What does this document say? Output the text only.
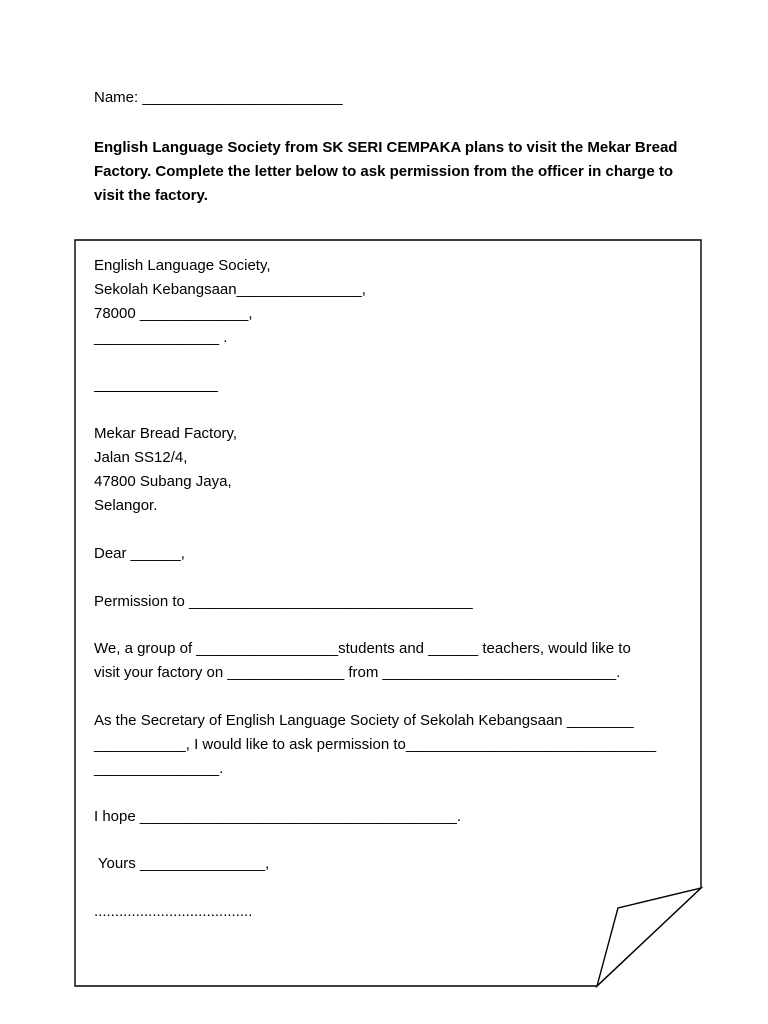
Name: ________________________
English Language Society from SK SERI CEMPAKA plans to visit the Mekar Bread Factory. Complete the letter below to ask permission from the officer in charge to visit the factory.
English Language Society,
Sekolah Kebangsaan_______________,
78000 _____________,
_______________ .
Mekar Bread Factory,
Jalan SS12/4,
47800 Subang Jaya,
Selangor.
Dear ______,
Permission to __________________________________
We, a group of _________________students and ______ teachers, would like to
visit your factory on ______________ from ____________________________.
As the Secretary of English Language Society of Sekolah Kebangsaan ________
___________, I would like to ask permission to______________________________
_______________.
I hope ______________________________________.
Yours _______________,
......................................
